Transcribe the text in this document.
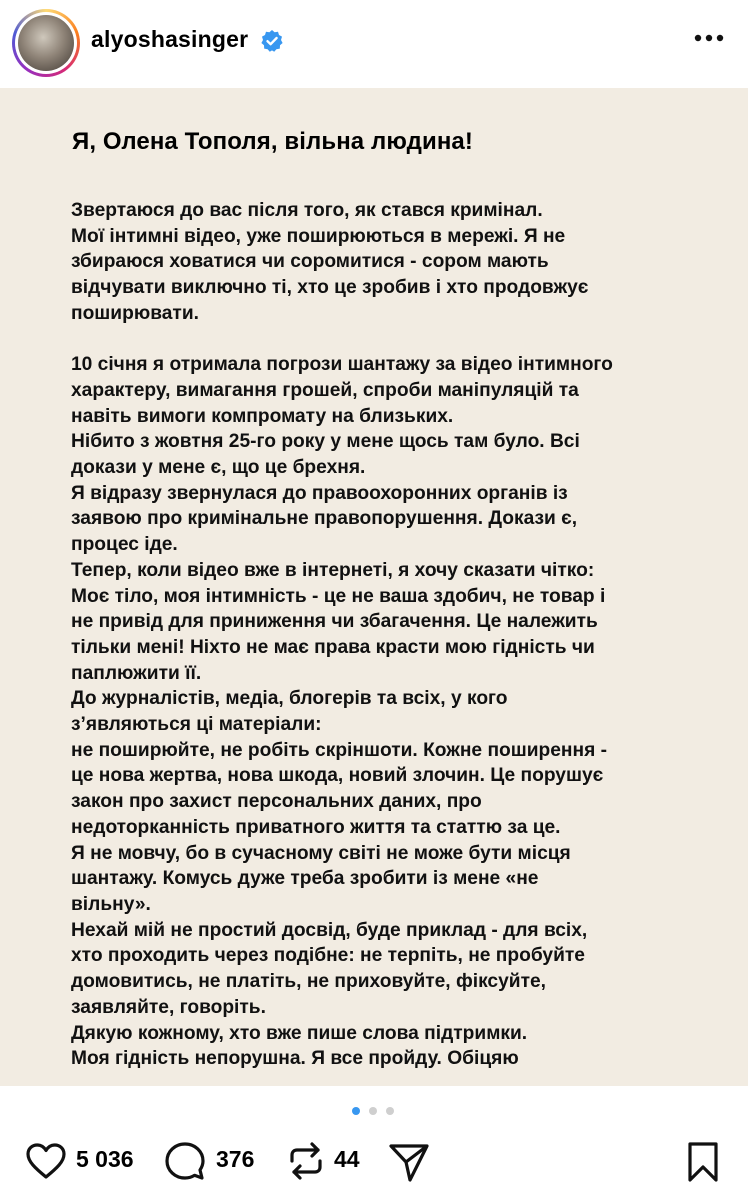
alyoshasinger
Я, Олена Тополя, вільна людина!
Звертаюся до вас після того, як стався кримінал.
Мої інтимні відео, уже поширюються в мережі. Я не
збираюся ховатися чи соромитися - сором мають
відчувати виключно ті, хто це зробив і хто продовжує
поширювати.

10 січня я отримала погрози шантажу за відео інтимного
характеру, вимагання грошей, спроби маніпуляцій та
навіть вимоги компромату на близьких.
Нібито з жовтня 25-го року у мене щось там було. Всі
докази у мене є, що це брехня.
Я відразу звернулася до правоохоронних органів із
заявою про кримінальне правопорушення. Докази є,
процес іде.
Тепер, коли відео вже в інтернеті, я хочу сказати чітко:
Моє тіло, моя інтимність - це не ваша здобич, не товар і
не привід для приниження чи збагачення. Це належить
тільки мені! Ніхто не має права красти мою гідність чи
паплюжити її.
До журналістів, медіа, блогерів та всіх, у кого
з’являються ці матеріали:
не поширюйте, не робіть скріншоти. Кожне поширення -
це нова жертва, нова шкода, новий злочин. Це порушує
закон про захист персональних даних, про
недоторканність приватного життя та статтю за це.
Я не мовчу, бо в сучасному світі не може бути місця
шантажу. Комусь дуже треба зробити із мене «не
вільну».
Нехай мій не простий досвід, буде приклад - для всіх,
хто проходить через подібне: не терпіть, не пробуйте
домовитись, не платіть, не приховуйте, фіксуйте,
заявляйте, говоріть.
Дякую кожному, хто вже пише слова підтримки.
Моя гідність непорушна. Я все пройду. Обіцяю
5 036	376	44
